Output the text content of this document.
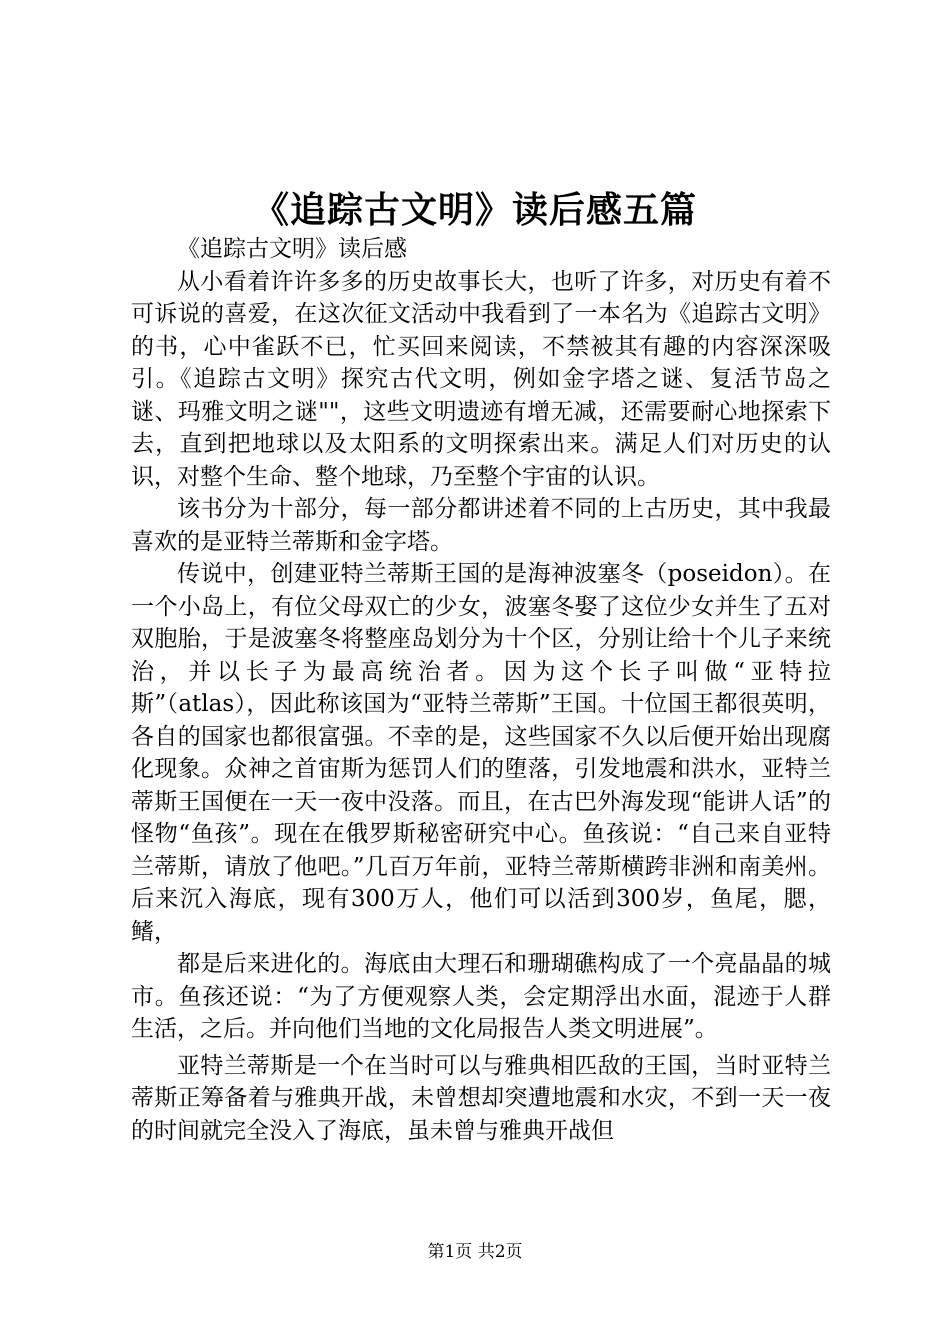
《追踪古文明》读后感五篇

《追踪古文明》读后感

从小看着许许多多的历史故事长大，也听了许多，对历史有着不可诉说的喜爱，在这次征文活动中我看到了一本名为《追踪古文明》的书，心中雀跃不已，忙买回来阅读，不禁被其有趣的内容深深吸引。《追踪古文明》探究古代文明，例如金字塔之谜、复活节岛之谜、玛雅文明之谜""，这些文明遗迹有增无减，还需要耐心地探索下去，直到把地球以及太阳系的文明探索出来。满足人们对历史的认识，对整个生命、整个地球，乃至整个宇宙的认识。

该书分为十部分，每一部分都讲述着不同的上古历史，其中我最喜欢的是亚特兰蒂斯和金字塔。

传说中，创建亚特兰蒂斯王国的是海神波塞冬（poseidon）。在一个小岛上，有位父母双亡的少女，波塞冬娶了这位少女并生了五对双胞胎，于是波塞冬将整座岛划分为十个区，分别让给十个儿子来统治，并以长子为最高统治者。因为这个长子叫做“亚特拉斯”（atlas），因此称该国为“亚特兰蒂斯”王国。十位国王都很英明，各自的国家也都很富强。不幸的是，这些国家不久以后便开始出现腐化现象。众神之首宙斯为惩罚人们的堕落，引发地震和洪水，亚特兰蒂斯王国便在一天一夜中没落。而且，在古巴外海发现“能讲人话”的怪物“鱼孩”。现在在俄罗斯秘密研究中心。鱼孩说：“自己来自亚特兰蒂斯，请放了他吧。”几百万年前，亚特兰蒂斯横跨非洲和南美州。后来沉入海底，现有300万人，他们可以活到300岁，鱼尾，腮，鳍，

都是后来进化的。海底由大理石和珊瑚礁构成了一个亮晶晶的城市。鱼孩还说：“为了方便观察人类，会定期浮出水面，混迹于人群生活，之后。并向他们当地的文化局报告人类文明进展”。

亚特兰蒂斯是一个在当时可以与雅典相匹敌的王国，当时亚特兰蒂斯正筹备着与雅典开战，未曾想却突遭地震和水灾，不到一天一夜的时间就完全没入了海底，虽未曾与雅典开战但

第1页 共2页
